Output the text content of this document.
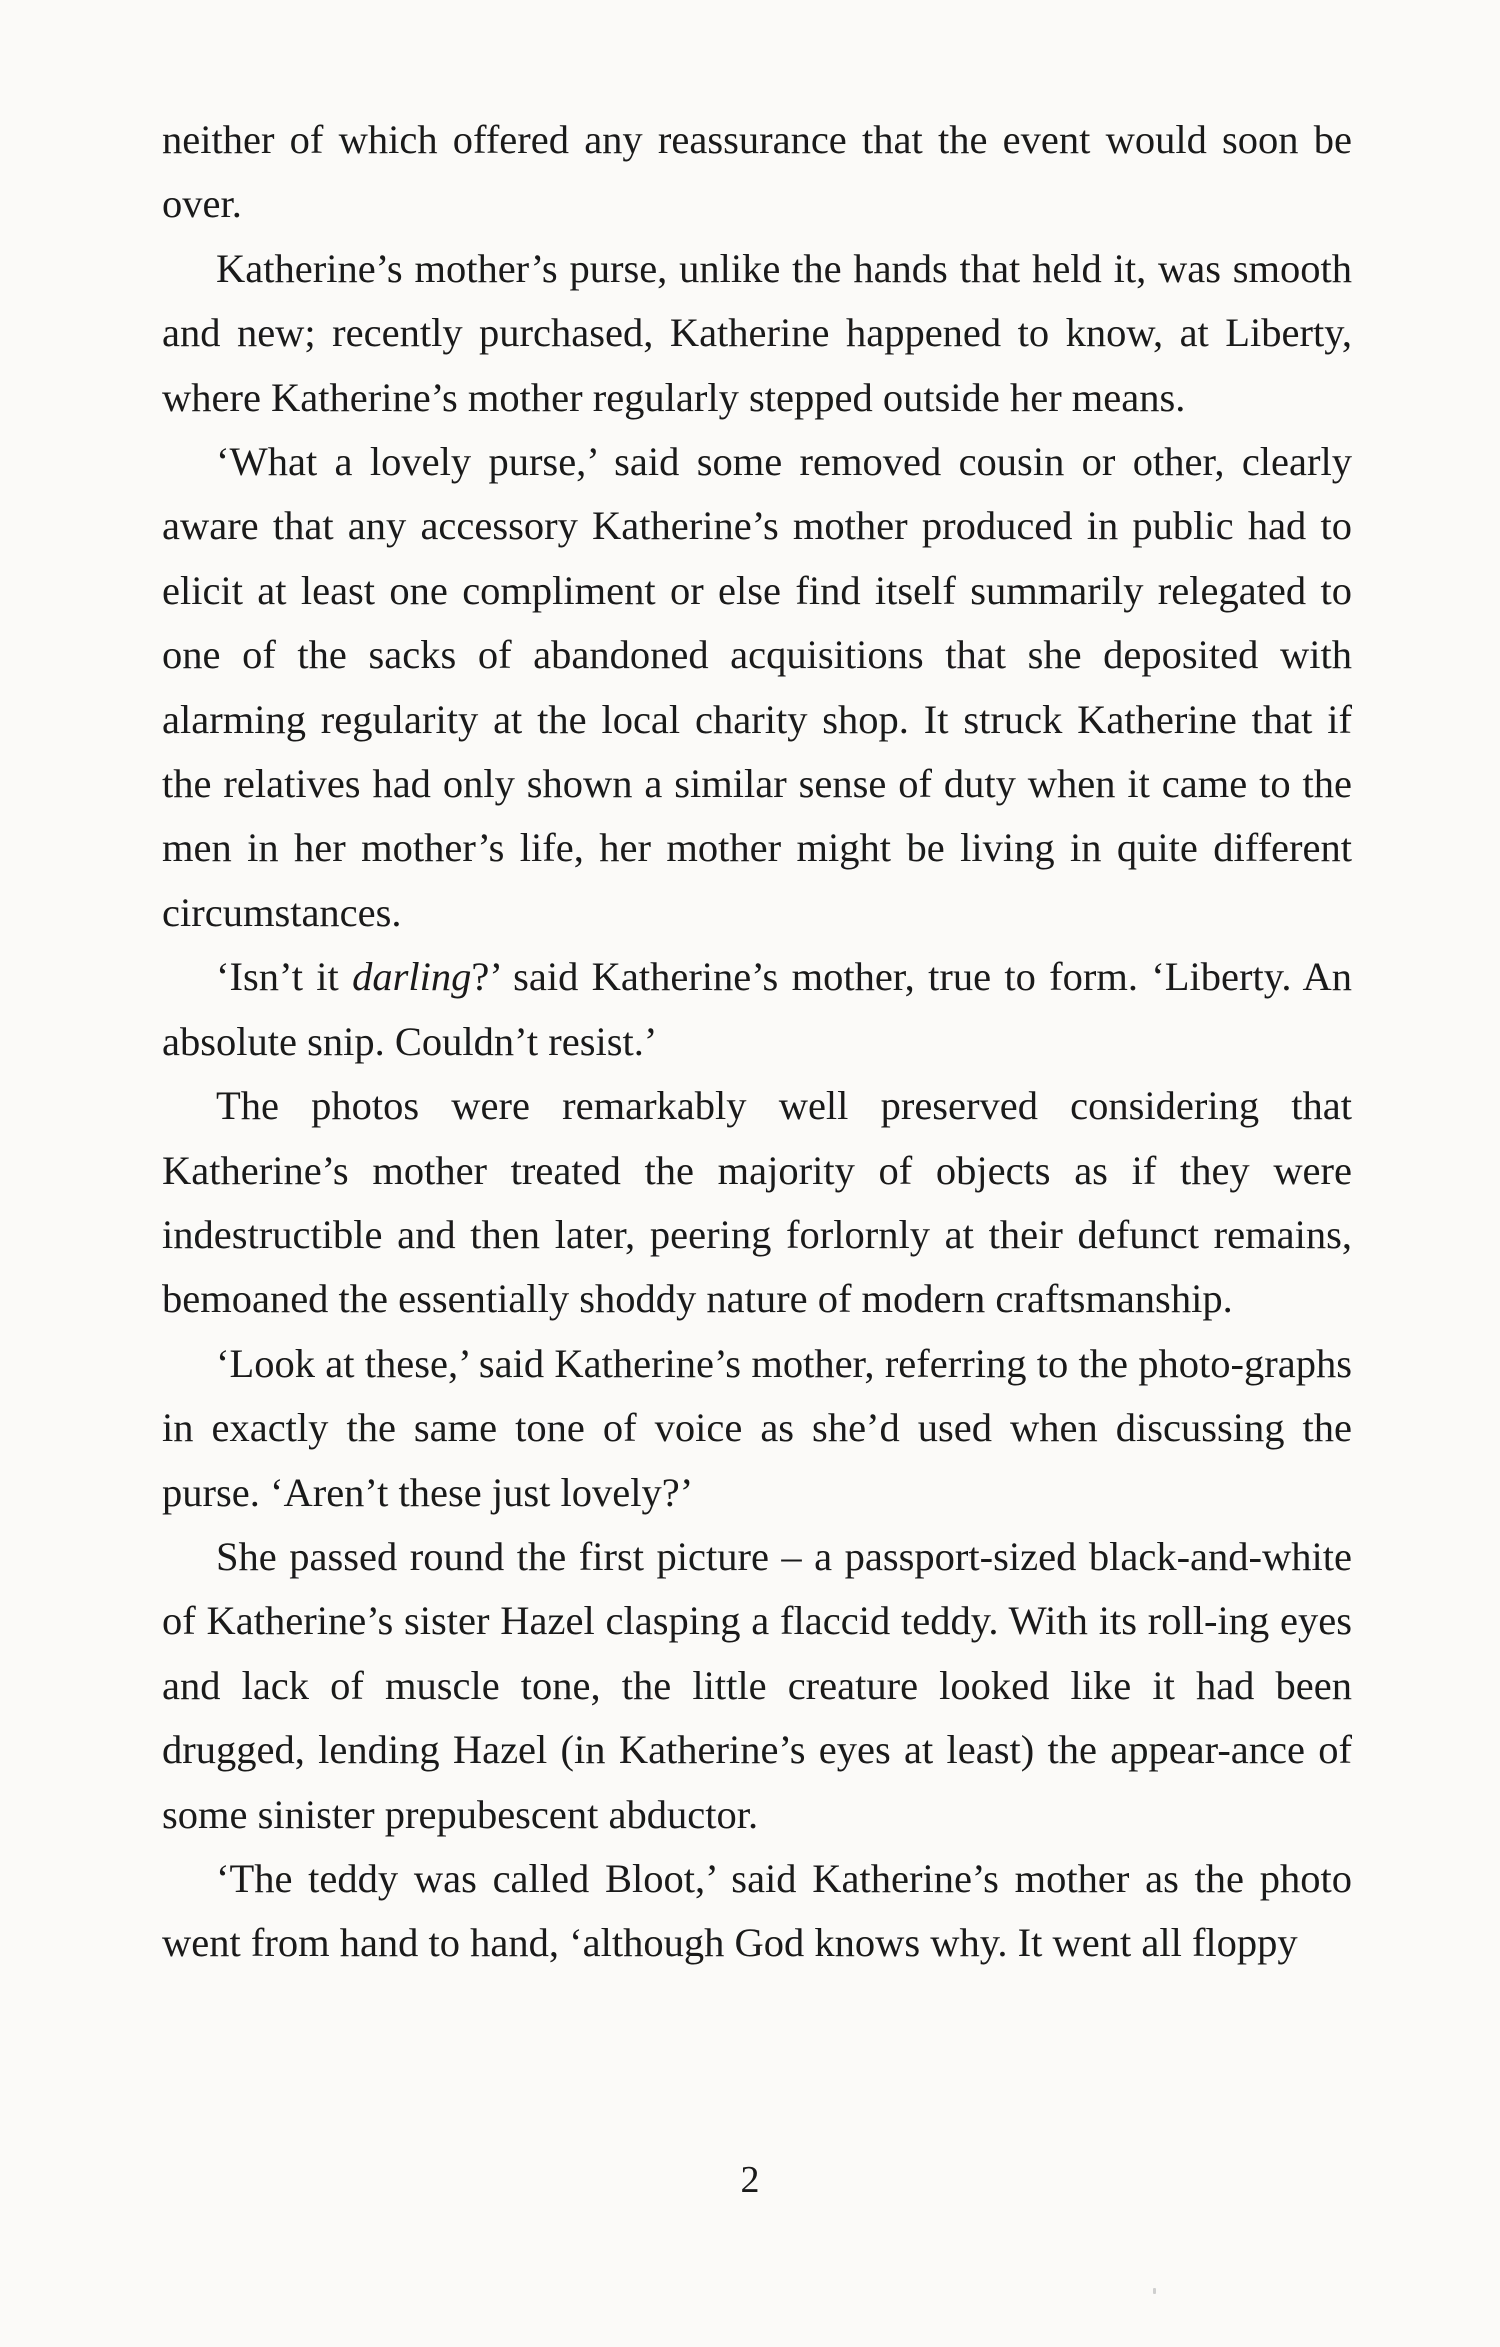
neither of which offered any reassurance that the event would soon be over.

Katherine’s mother’s purse, unlike the hands that held it, was smooth and new; recently purchased, Katherine happened to know, at Liberty, where Katherine’s mother regularly stepped outside her means.

‘What a lovely purse,’ said some removed cousin or other, clearly aware that any accessory Katherine’s mother produced in public had to elicit at least one compliment or else find itself summarily relegated to one of the sacks of abandoned acquisitions that she deposited with alarming regularity at the local charity shop. It struck Katherine that if the relatives had only shown a similar sense of duty when it came to the men in her mother’s life, her mother might be living in quite different circumstances.

‘Isn’t it darling?’ said Katherine’s mother, true to form. ‘Liberty. An absolute snip. Couldn’t resist.’

The photos were remarkably well preserved considering that Katherine’s mother treated the majority of objects as if they were indestructible and then later, peering forlornly at their defunct remains, bemoaned the essentially shoddy nature of modern craftsmanship.

‘Look at these,’ said Katherine’s mother, referring to the photo-graphs in exactly the same tone of voice as she’d used when discussing the purse. ‘Aren’t these just lovely?’

She passed round the first picture – a passport-sized black-and-white of Katherine’s sister Hazel clasping a flaccid teddy. With its roll-ing eyes and lack of muscle tone, the little creature looked like it had been drugged, lending Hazel (in Katherine’s eyes at least) the appear-ance of some sinister prepubescent abductor.

‘The teddy was called Bloot,’ said Katherine’s mother as the photo went from hand to hand, ‘although God knows why. It went all floppy

2
